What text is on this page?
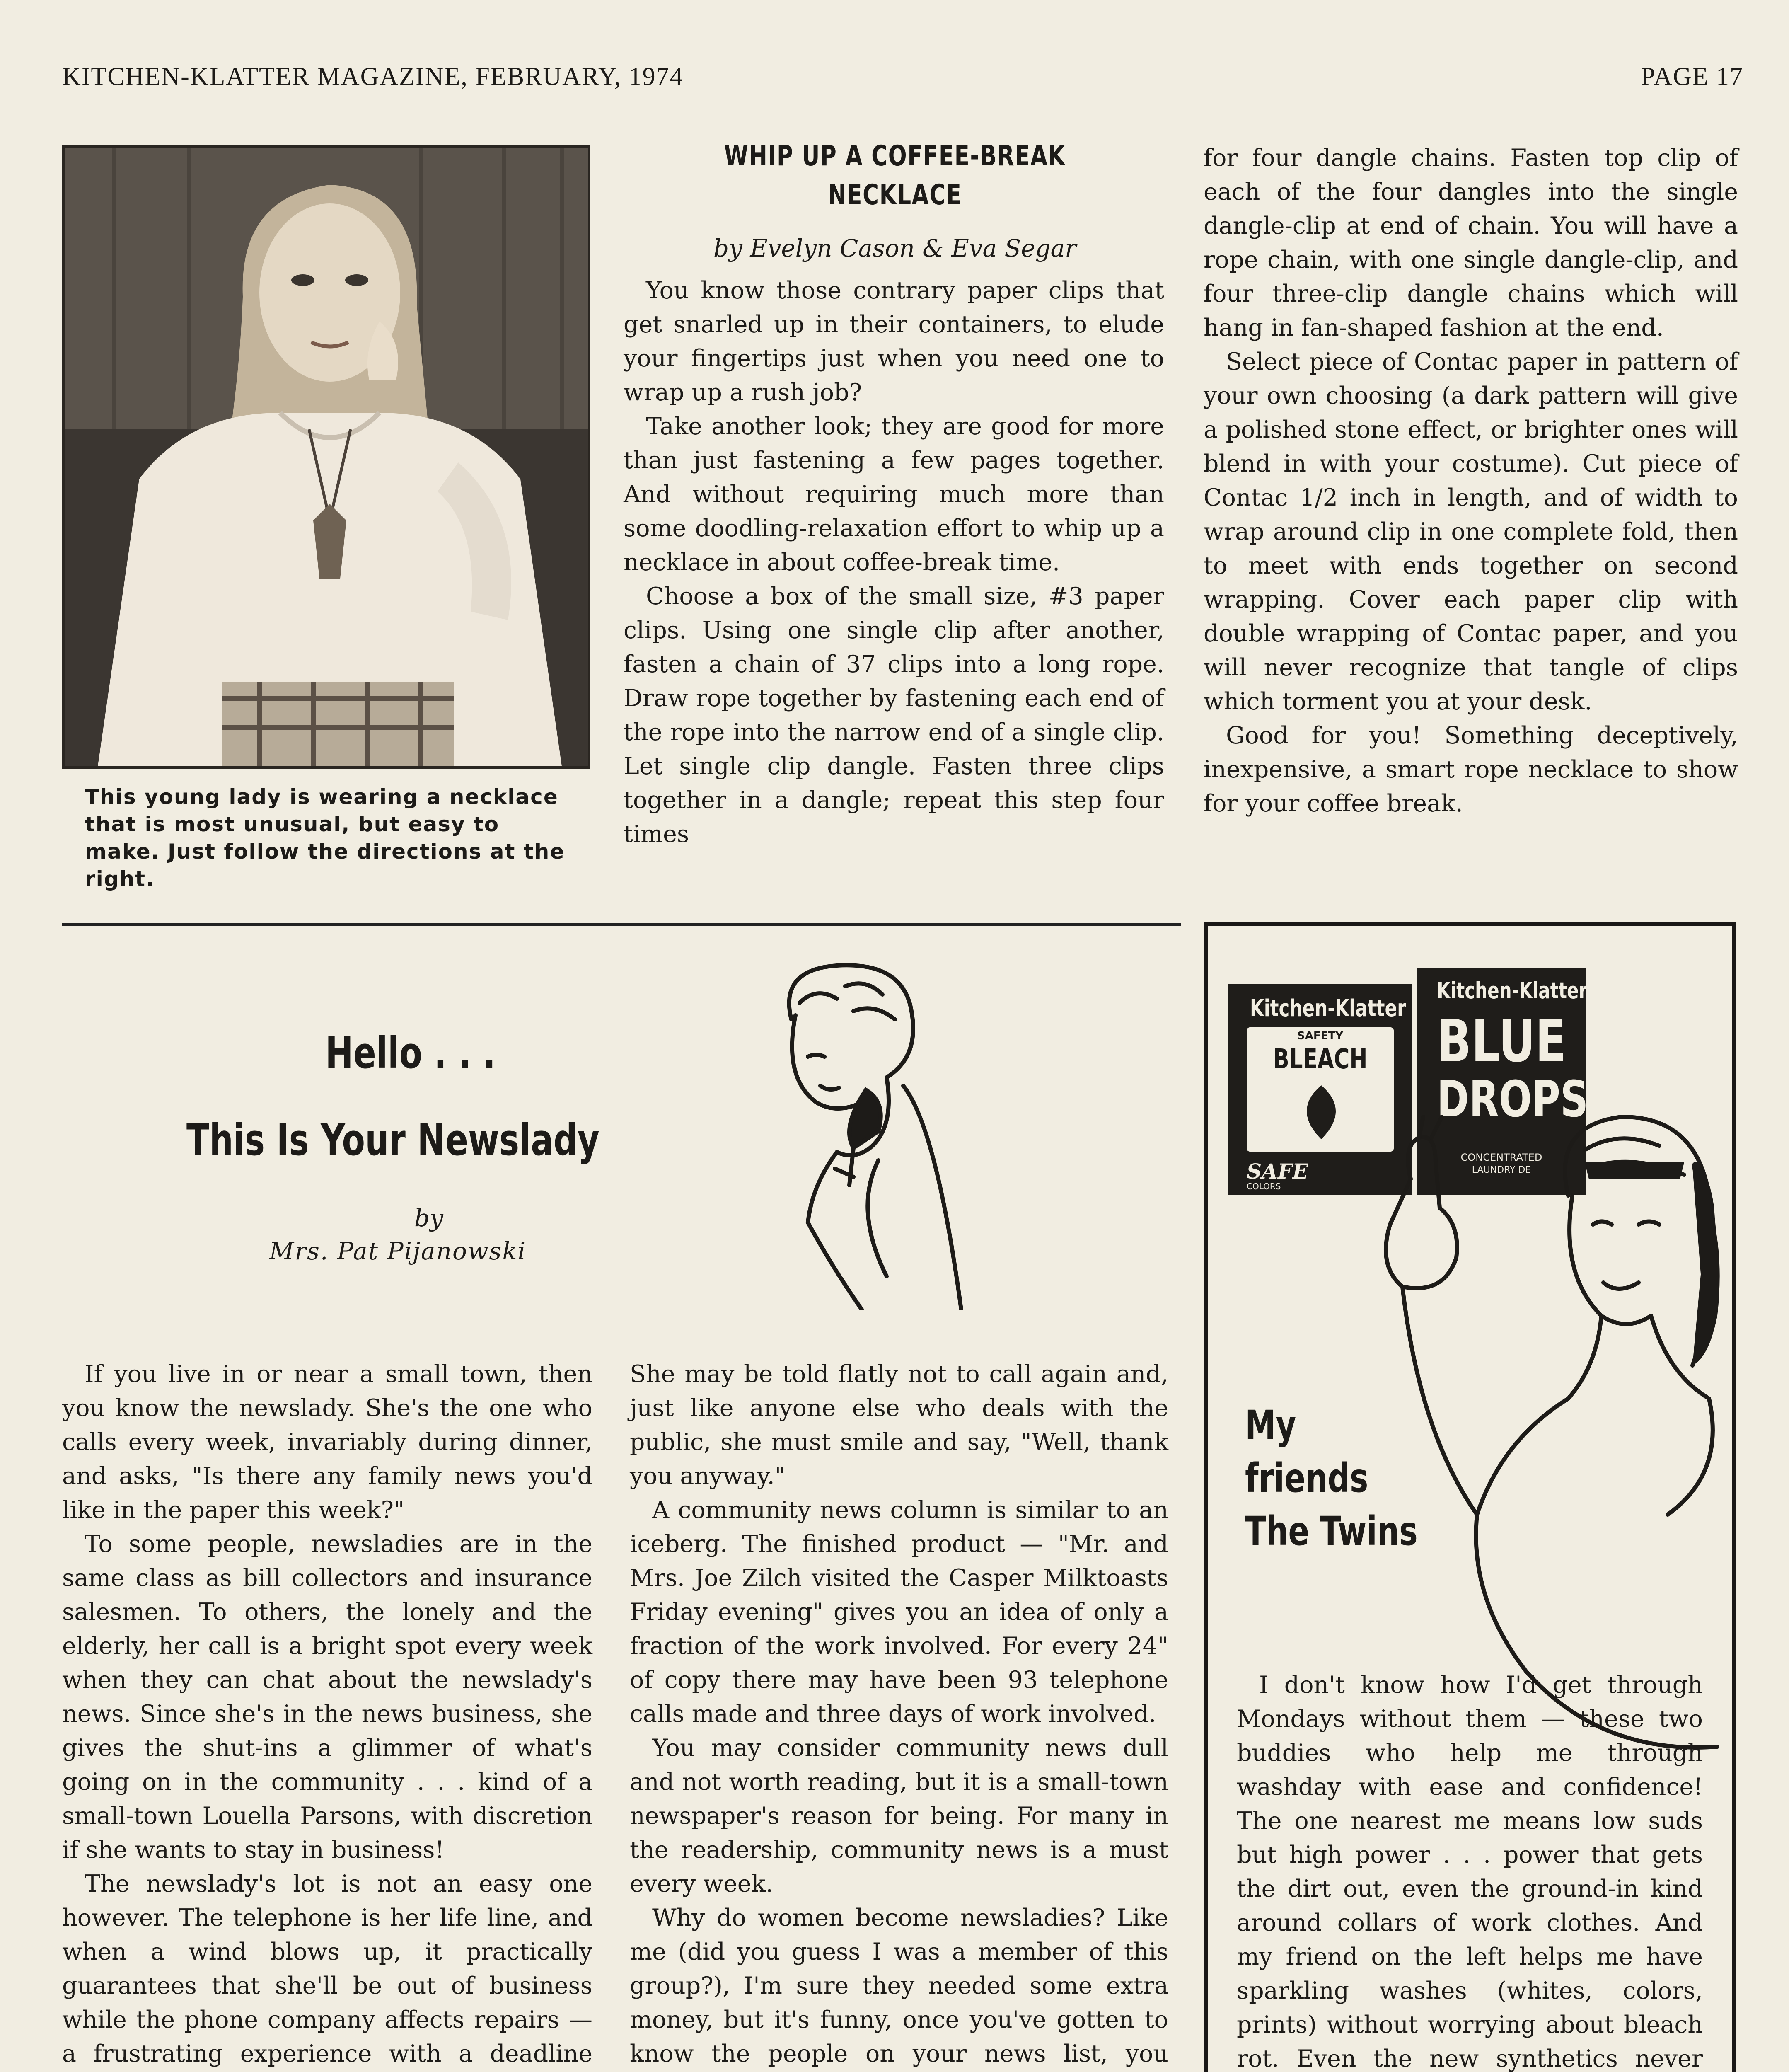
KITCHEN-KLATTER MAGAZINE, FEBRUARY, 1974	PAGE 17
This young lady is wearing a necklace that is most unusual, but easy to make. Just follow the directions at the right.
WHIP UP A COFFEE-BREAK
NECKLACE
by Evelyn Cason & Eva Segar

You know those contrary paper clips that get snarled up in their containers, to elude your fingertips just when you need one to wrap up a rush job?

Take another look; they are good for more than just fastening a few pages together. And without requiring much more than some doodling-relaxation effort to whip up a necklace in about coffee-break time.

Choose a box of the small size, #3 paper clips. Using one single clip after another, fasten a chain of 37 clips into a long rope. Draw rope together by fastening each end of the rope into the narrow end of a single clip. Let single clip dangle. Fasten three clips together in a dangle; repeat this step four times

for four dangle chains. Fasten top clip of each of the four dangles into the single dangle-clip at end of chain. You will have a rope chain, with one single dangle-clip, and four three-clip dangle chains which will hang in fan-shaped fashion at the end.

Select piece of Contac paper in pattern of your own choosing (a dark pattern will give a polished stone effect, or brighter ones will blend in with your costume). Cut piece of Contac 1/2 inch in length, and of width to wrap around clip in one complete fold, then to meet with ends together on second wrapping. Cover each paper clip with double wrapping of Contac paper, and you will never recognize that tangle of clips which torment you at your desk.

Good for you! Something deceptively, inexpensive, a smart rope necklace to show for your coffee break.

Hello . . .
This Is Your Newslady
by
Mrs. Pat Pijanowski

If you live in or near a small town, then you know the newslady. She's the one who calls every week, invariably during dinner, and asks, "Is there any family news you'd like in the paper this week?"

To some people, newsladies are in the same class as bill collectors and insurance salesmen. To others, the lonely and the elderly, her call is a bright spot every week when they can chat about the newslady's news. Since she's in the news business, she gives the shut-ins a glimmer of what's going on in the community . . . kind of a small-town Louella Parsons, with discretion if she wants to stay in business!

The newslady's lot is not an easy one however. The telephone is her life line, and when a wind blows up, it practically guarantees that she'll be out of business while the phone company affects repairs — a frustrating experience with a deadline

She may be told flatly not to call again and, just like anyone else who deals with the public, she must smile and say, "Well, thank you anyway."

A community news column is similar to an iceberg. The finished product — "Mr. and Mrs. Joe Zilch visited the Casper Milktoasts Friday evening" gives you an idea of only a fraction of the work involved. For every 24" of copy there may have been 93 telephone calls made and three days of work involved.

You may consider community news dull and not worth reading, but it is a small-town newspaper's reason for being. For many in the readership, community news is a must every week.

Why do women become newsladies? Like me (did you guess I was a member of this group?), I'm sure they needed some extra money, but it's funny, once you've gotten to know the people on your news list, you

Kitchen-Klatter
SAFETY
BLEACH
SAFE
COLORS
Kitchen-Klatter
BLUE
DROPS
CONCENTRATED
LAUNDRY DE
My
friends
The Twins

I don't know how I'd get through Mondays without them — these two buddies who help me through washday with ease and confidence! The one nearest me means low suds but high power . . . power that gets the dirt out, even the ground-in kind around collars of work clothes. And my friend on the left helps me have sparkling washes (whites, colors, prints) without worrying about bleach rot. Even the new synthetics never
